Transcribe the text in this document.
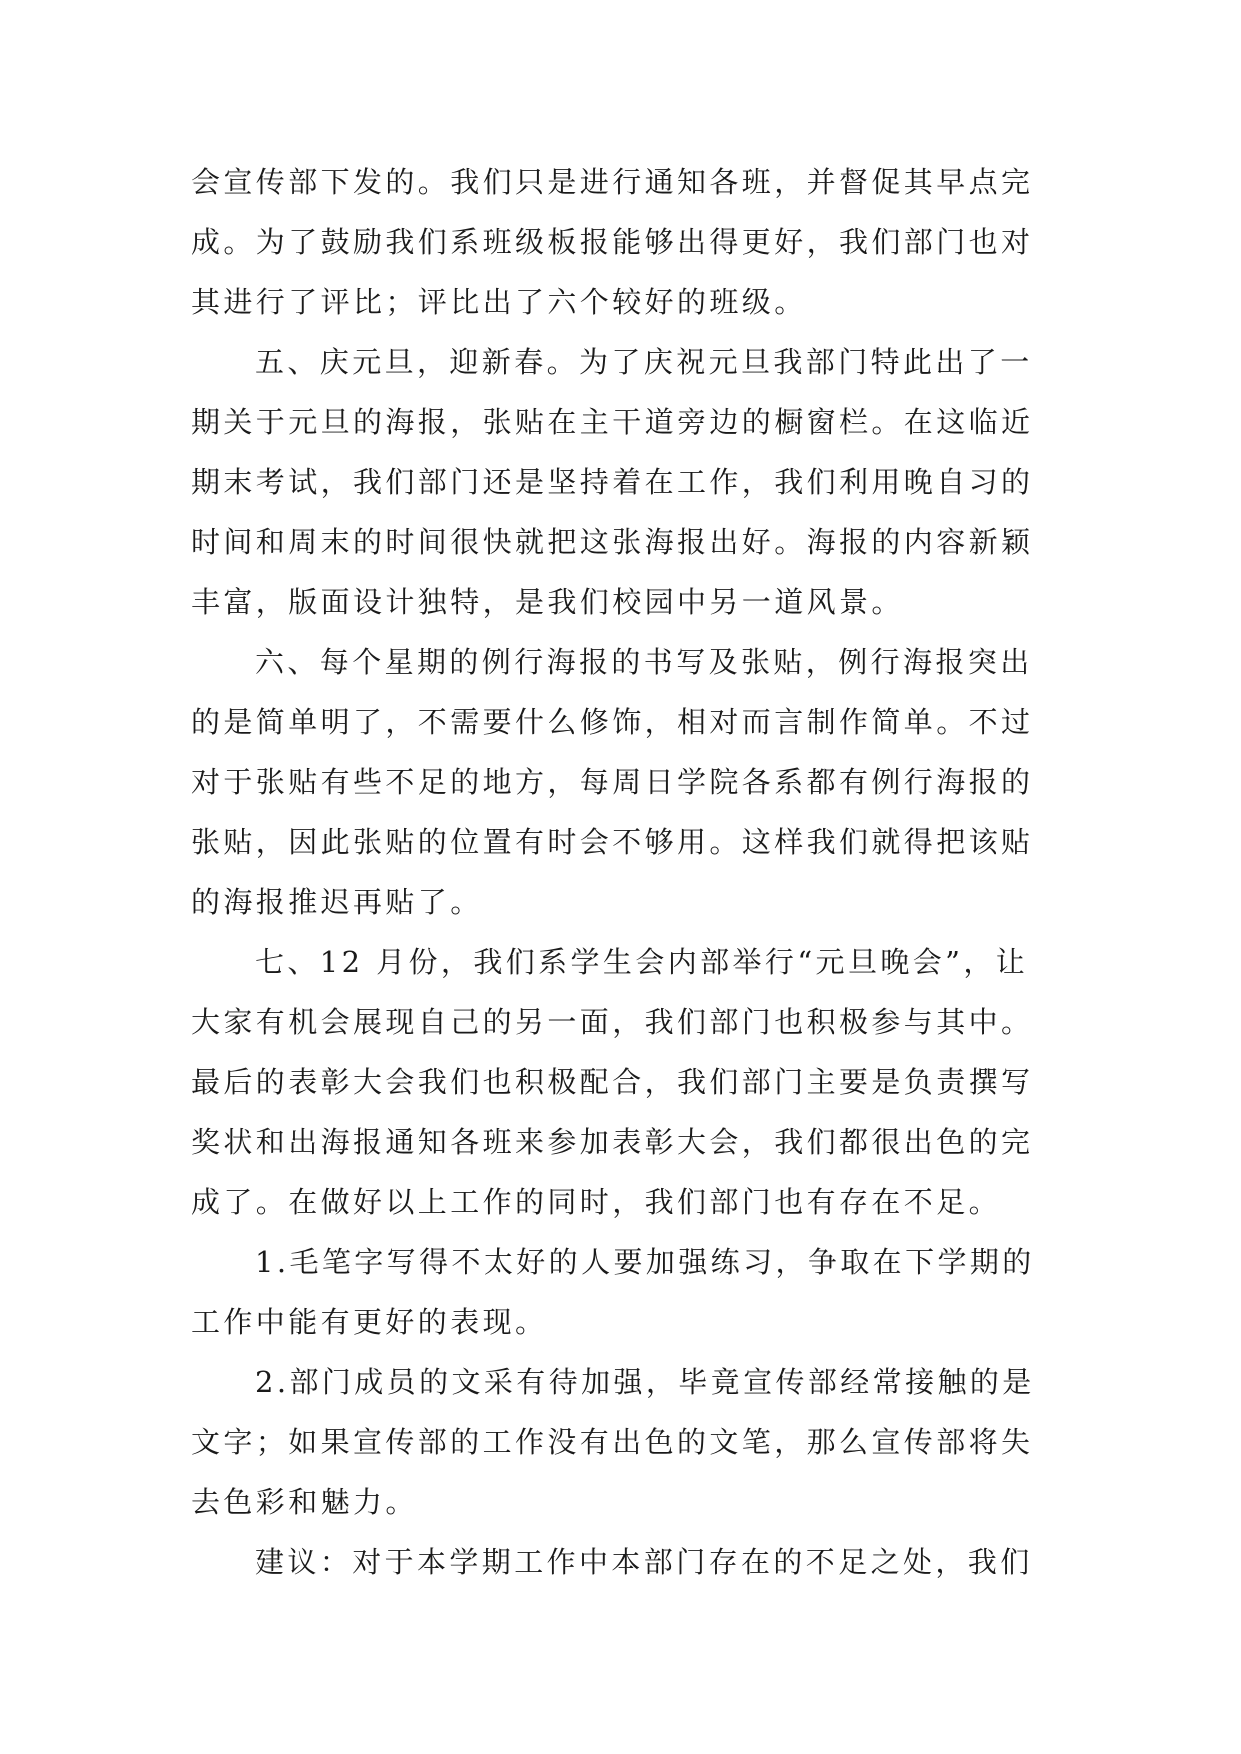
会宣传部下发的。我们只是进行通知各班，并督促其早点完
成。为了鼓励我们系班级板报能够出得更好，我们部门也对
其进行了评比；评比出了六个较好的班级。
五、庆元旦，迎新春。为了庆祝元旦我部门特此出了一
期关于元旦的海报，张贴在主干道旁边的橱窗栏。在这临近
期末考试，我们部门还是坚持着在工作，我们利用晚自习的
时间和周末的时间很快就把这张海报出好。海报的内容新颖
丰富，版面设计独特，是我们校园中另一道风景。
六、每个星期的例行海报的书写及张贴，例行海报突出
的是简单明了，不需要什么修饰，相对而言制作简单。不过
对于张贴有些不足的地方，每周日学院各系都有例行海报的
张贴，因此张贴的位置有时会不够用。这样我们就得把该贴
的海报推迟再贴了。
七、12 月份，我们系学生会内部举行“元旦晚会”，让
大家有机会展现自己的另一面，我们部门也积极参与其中。
最后的表彰大会我们也积极配合，我们部门主要是负责撰写
奖状和出海报通知各班来参加表彰大会，我们都很出色的完
成了。在做好以上工作的同时，我们部门也有存在不足。
1.毛笔字写得不太好的人要加强练习，争取在下学期的
工作中能有更好的表现。
2.部门成员的文采有待加强，毕竟宣传部经常接触的是
文字；如果宣传部的工作没有出色的文笔，那么宣传部将失
去色彩和魅力。
建议：对于本学期工作中本部门存在的不足之处，我们
